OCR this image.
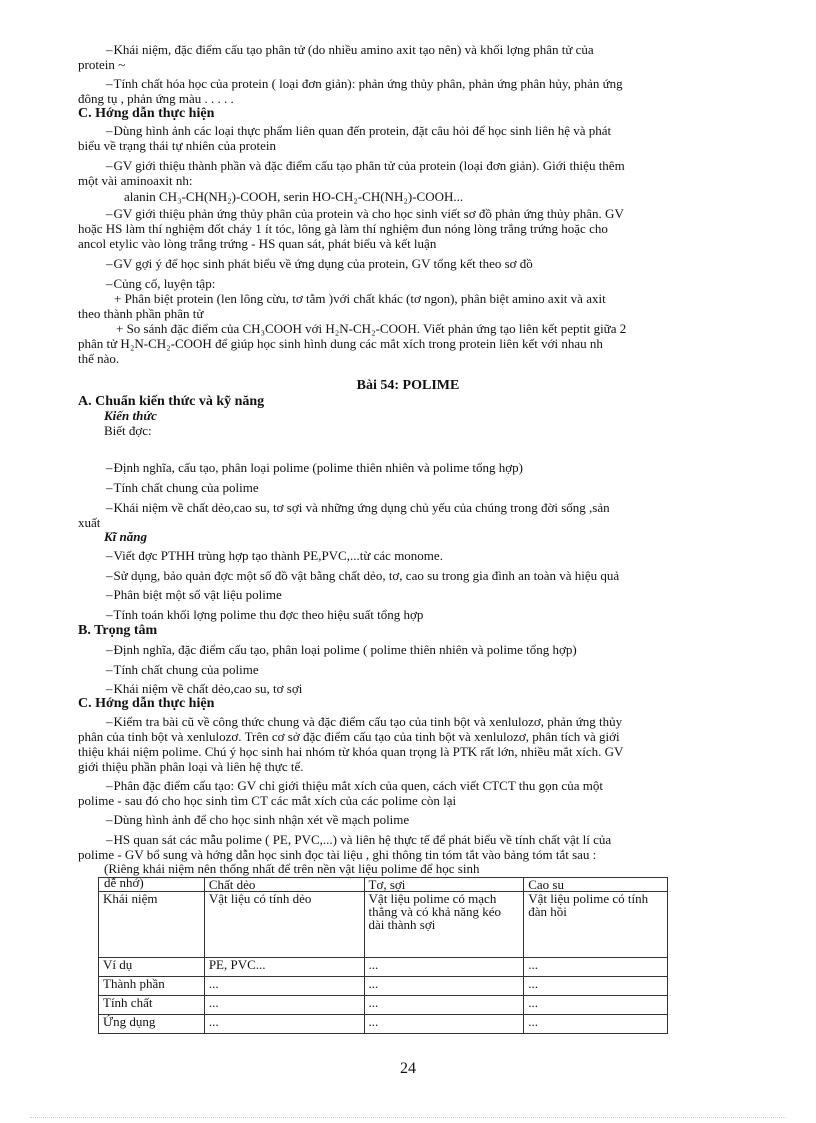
– Khái niệm, đặc điểm cấu tạo phân tử (do nhiều amino axit tạo nên) và khối lợng phân tử của
protein ~
– Tính chất hóa học của protein ( loại đơn giản): phản ứng thủy phân, phản ứng phân hủy, phản ứng
đông tụ , phản ứng màu . . . . .
C. Hớng dẫn thực hiện
– Dùng hình ảnh các loại thực phẩm liên quan đến protein, đặt câu hỏi để học sinh liên hệ và phát
biểu về trạng thái tự nhiên của protein
– GV giới thiệu thành phần và đặc điểm cấu tạo phân tử của protein (loại đơn giản). Giới thiệu thêm
một vài aminoaxit nh:
alanin CH₃-CH(NH₂)-COOH, serin HO-CH₂-CH(NH₂)-COOH...
– GV giới thiệu phản ứng thủy phân của protein và cho học sinh viết sơ đồ phản ứng thủy phân. GV
hoặc HS làm thí nghiệm đốt cháy 1 ít tóc, lông gà làm thí nghiệm đun nóng lòng trắng trứng hoặc cho
ancol etylic vào lòng trắng trứng - HS quan sát, phát biểu và kết luận
– GV gợi ý để học sinh phát biểu về ứng dụng của protein, GV tổng kết theo sơ đồ
– Củng cố, luyện tập:
+ Phân biệt protein (len lông cừu, tơ tằm )với chất khác (tơ ngon), phân biệt amino axit và axit
theo thành phần phân tử
+ So sánh đặc điểm của CH₃COOH với H₂N-CH₂-COOH. Viết phản ứng tạo liên kết peptit giữa 2
phân tử H₂N-CH₂-COOH để giúp học sinh hình dung các mắt xích trong protein liên kết với nhau nh
thế nào.
Bài 54: POLIME
A. Chuẩn kiến thức và kỹ năng
Kiến thức
Biết đợc:
– Định nghĩa, cấu tạo, phân loại polime (polime thiên nhiên và polime tổng hợp)
– Tính chất chung của polime
– Khái niệm về chất dẻo,cao su, tơ sợi và những ứng dụng chủ yếu của chúng trong đời sống ,sản
xuất
Kĩ năng
– Viết đợc PTHH trùng hợp tạo thành PE,PVC,...từ các monome.
– Sử dụng, bảo quản đợc một số đồ vật bằng chất dẻo, tơ, cao su trong gia đình an toàn và hiệu quả
– Phân biệt một số vật liệu polime
– Tính toán khối lợng polime thu đợc theo hiệu suất tổng hợp
B. Trọng tâm
– Định nghĩa, đặc điểm cấu tạo, phân loại polime ( polime thiên nhiên và polime tổng hợp)
– Tính chất chung của polime
– Khái niệm về chất dẻo,cao su, tơ sợi
C. Hớng dẫn thực hiện
– Kiểm tra bài cũ về công thức chung và đặc điểm cấu tạo của tinh bột và xenlulozơ, phản ứng thủy
phân của tinh bột và xenlulozơ. Trên cơ sở đặc điểm cấu tạo của tinh bột và xenlulozơ, phân tích và giới
thiệu khái niệm polime. Chú ý học sinh hai nhóm từ khóa quan trọng là PTK rất lớn, nhiều mắt xích. GV
giới thiệu phần phân loại và liên hệ thực tế.
– Phân đặc điểm cấu tạo: GV chỉ giới thiệu mắt xích của quen, cách viết CTCT thu gọn của một
polime - sau đó cho học sinh tìm CT các mắt xích của các polime còn lại
– Dùng hình ảnh để cho học sinh nhận xét về mạch polime
– HS quan sát các mẫu polime ( PE, PVC,...) và liên hệ thực tế để phát biểu về tính chất vật lí của
polime - GV bổ sung và hớng dẫn học sinh đọc tài liệu , ghi thông tin tóm tắt vào bảng tóm tắt sau :
(Riêng khái niệm nên thống nhất để trên nền vật liệu polime để học sinh
dễ nhớ)
		Chất dẻo	Tơ, sợi	Cao su
Khái niệm	Vật liệu có tính dẻo	Vật liệu polime có mạch thẳng và có khả năng kéo dài thành sợi	Vật liệu polime có tính đàn hồi
Ví dụ	PE, PVC...	...	...
Thành phần	...	...	...
Tính chất	...	...	...
Ứng dụng	...	...	...
24
